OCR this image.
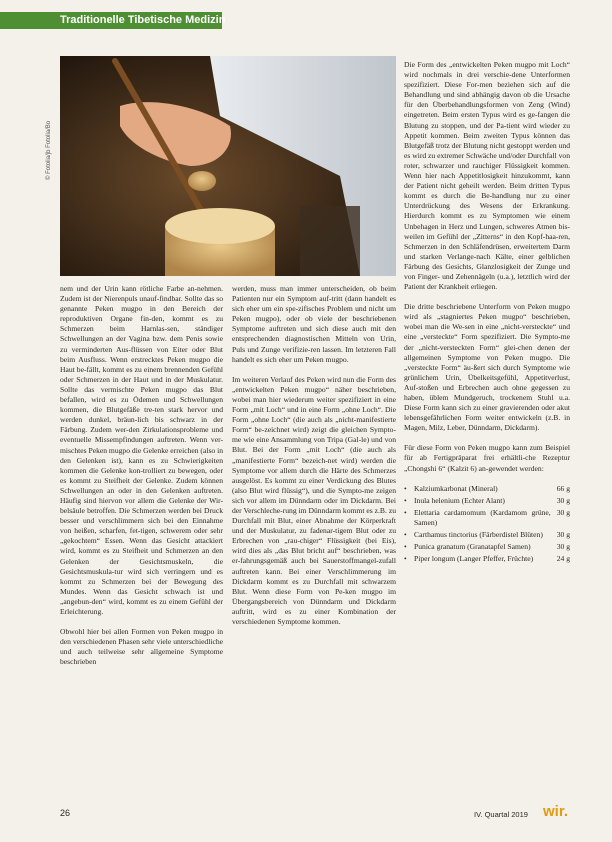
Traditionelle Tibetische Medizin
© Fotolia/jb Fotolia/Bo

nem und der Urin kann rötliche Farbe an-nehmen. Zudem ist der Nierenpuls unauf-findbar. Sollte das so genannte Peken mugpo in den Bereich der reproduktiven Organe fin-den, kommt es zu Schmerzen beim Harnlas-sen, ständiger Schwellungen an der Vagina bzw. dem Penis sowie zu verminderten Aus-flüssen von Eiter oder Blut beim Ausfluss. Wenn erstrecktes Peken mugpo die Haut be-fällt, kommt es zu einem brennenden Gefühl oder Schmerzen in der Haut und in der Muskulatur. Sollte das vermischte Peken mugpo das Blut befallen, wird es zu Ödemen und Schwellungen kommen, die Blutgefäße tre-ten stark hervor und werden dunkel, bräun-lich bis schwarz in der Färbung. Zudem wer-den Zirkulationsprobleme und eventuelle Missempfindungen auftreten. Wenn ver-mischtes Peken mugpo die Gelenke erreichen (also in den Gelenken ist), kann es zu Schwierigkeiten kommen die Gelenke kon-trolliert zu bewegen, oder es kommt zu Steifheit der Gelenke. Zudem können Schwellungen an oder in den Gelenken auftreten. Häufig sind hiervon vor allem die Gelenke der Wir-belsäule betroffen. Die Schmerzen werden bei Druck besser und verschlimmern sich bei den Einnahme von heißen, scharfen, fet-tigen, schwerem oder sehr „gekochtem“ Essen. Wenn das Gesicht attackiert wird, kommt es zu Steifheit und Schmerzen an den Gelenken der Gesichtsmuskeln, die Gesichtsmuskula-tur wird sich verringern und es kommt zu Schmerzen bei der Bewegung des Mundes. Wenn das Gesicht schwach ist und „angebun-den“ wird, kommt es zu einem Gefühl der Erleichterung.

Obwohl hier bei allen Formen von Peken mugpo in den verschiedenen Phasen sehr viele unterschiedliche und auch teilweise sehr allgemeine Symptome beschrieben

werden, muss man immer unterscheiden, ob beim Patienten nur ein Symptom auf-tritt (dann handelt es sich eher um ein spe-zifisches Problem und nicht um Peken mugpo), oder ob viele der beschriebenen Symptome auftreten und sich diese auch mit den entsprechenden diagnostischen Mitteln von Urin, Puls und Zunge verifizie-ren lassen. Im letzteren Fall handelt es sich eher um Peken mugpo.

Im weiteren Verlauf des Peken wird nun die Form des „entwickelten Peken mugpo“ näher beschrieben, wobei man hier wiederum weiter spezifiziert in eine Form „mit Loch“ und in eine Form „ohne Loch“. Die Form „ohne Loch“ (die auch als „nicht-manifestierte Form“ be-zeichnet wird) zeigt die gleichen Sympto-me wie eine Ansammlung von Tripa (Gal-le) und von Blut. Bei der Form „mit Loch“ (die auch als „manifestierte Form“ bezeich-net wird) werden die Symptome vor allem durch die Härte des Schmerzes ausgelöst. Es kommt zu einer Verdickung des Blutes (also Blut wird flüssig“), und die Sympto-me zeigen sich vor allem im Dünndarm oder im Dickdarm. Bei der Verschleche-rung im Dünndarm kommt es z.B. zu Durchfall mit Blut, einer Abnahme der Körperkraft und der Muskulatur, zu fadenar-tigem Blut oder zu Erbrechen von „rau-chiger“ Flüssigkeit (bei Eis), wird dies als „das Blut bricht auf“ beschrieben, was er-fahrungsgemäß auch bei Sauerstoffmangel-zufall auftreten kann. Bei einer Verschlimmerung im Dickdarm kommt es zu Durchfall mit schwarzem Blut. Wenn diese Form von Pe-ken mugpo im Übergangsbereich von Dünndarm und Dickdarm auftritt, wird es zu einer Kombination der verschiedenen Symptome kommen.

Die Form des „entwickelten Peken mugpo mit Loch“ wird nochmals in drei verschie-dene Unterformen spezifiziert. Diese For-men beziehen sich auf die Behandlung und sind abhängig davon ob die Ursache für den Überbehandlungsformen von Zeng (Wind) eingetreten. Beim ersten Typus wird es ge-fangen die Blutung zu stoppen, und der Pa-tient wird wieder zu Appetit kommen. Beim zweiten Typus können das Blutgefäß trotz der Blutung nicht gestoppt werden und es wird zu extremer Schwäche und/oder Durchfall von roter, schwarzer und rauchiger Flüssigkeit kommen. Wenn hier nach Appetitlosigkeit hinzukommt, kann der Patient nicht geheilt werden. Beim dritten Typus kommt es durch die Be-handlung nur zu einer Unterdrückung des Wesens der Erkrankung. Hierdurch kommt es zu Symptomen wie einem Unbehagen in Herz und Lungen, schweres Atmen bis-weilen im Gefühl der „Zitterns“ in den Kopf-haa-ren, Schmerzen in den Schläfendrüsen, erweitertem Darm und starken Verlange-nach Kälte, einer gelblichen Färbung des Gesichts, Glanzlosigkeit der Zunge und von Finger- und Zehennägeln (u.a.), letztlich wird der Patient der Krankheit erliegen.

Die dritte beschriebene Unterform von Peken mugpo wird als „stagniertes Peken mugpo“ beschrieben, wobei man die We-sen in eine „nicht-versteckte“ und eine „versteckte“ Form spezifiziert. Die Sympto-me der „nicht-versteckten Form“ glei-chen denen der allgemeinen Symptome von Peken mugpo. Die „versteckte Form“ äu-ßert sich durch Symptome wie grünlichem Urin, Übelkeitsgefühl, Appetitverlust, Auf-stoßen und Erbrechen auch ohne gegessen zu haben, üblem Mundgeruch, trockenem Stuhl u.a. Diese Form kann sich zu einer gravierenden oder akut lebensgefährlichen Form weiter entwickeln (z.B. in Magen, Milz, Leber, Dünndarm, Dickdarm).

Für diese Form von Peken mugpo kann zum Beispiel für ab Fertigpräparat frei erhältli-che Rezeptur „Chongshi 6“ (Kalzit 6) an-gewendet werden:

• Kalziumkarbonat (Mineral)	66 g
• Inula helenium (Echter Alant)	30 g
• Elettaria cardamomum (Kardamom grüne, Samen)
30 g
• Carthamus tinctorius (Färberdistel Blüten) 30 g
• Punica granatum (Granatapfel Samen)	30 g
• Piper longum (Langer Pfeffer, Früchte)	24 g
26	IV. Quartal 2019 wir.
